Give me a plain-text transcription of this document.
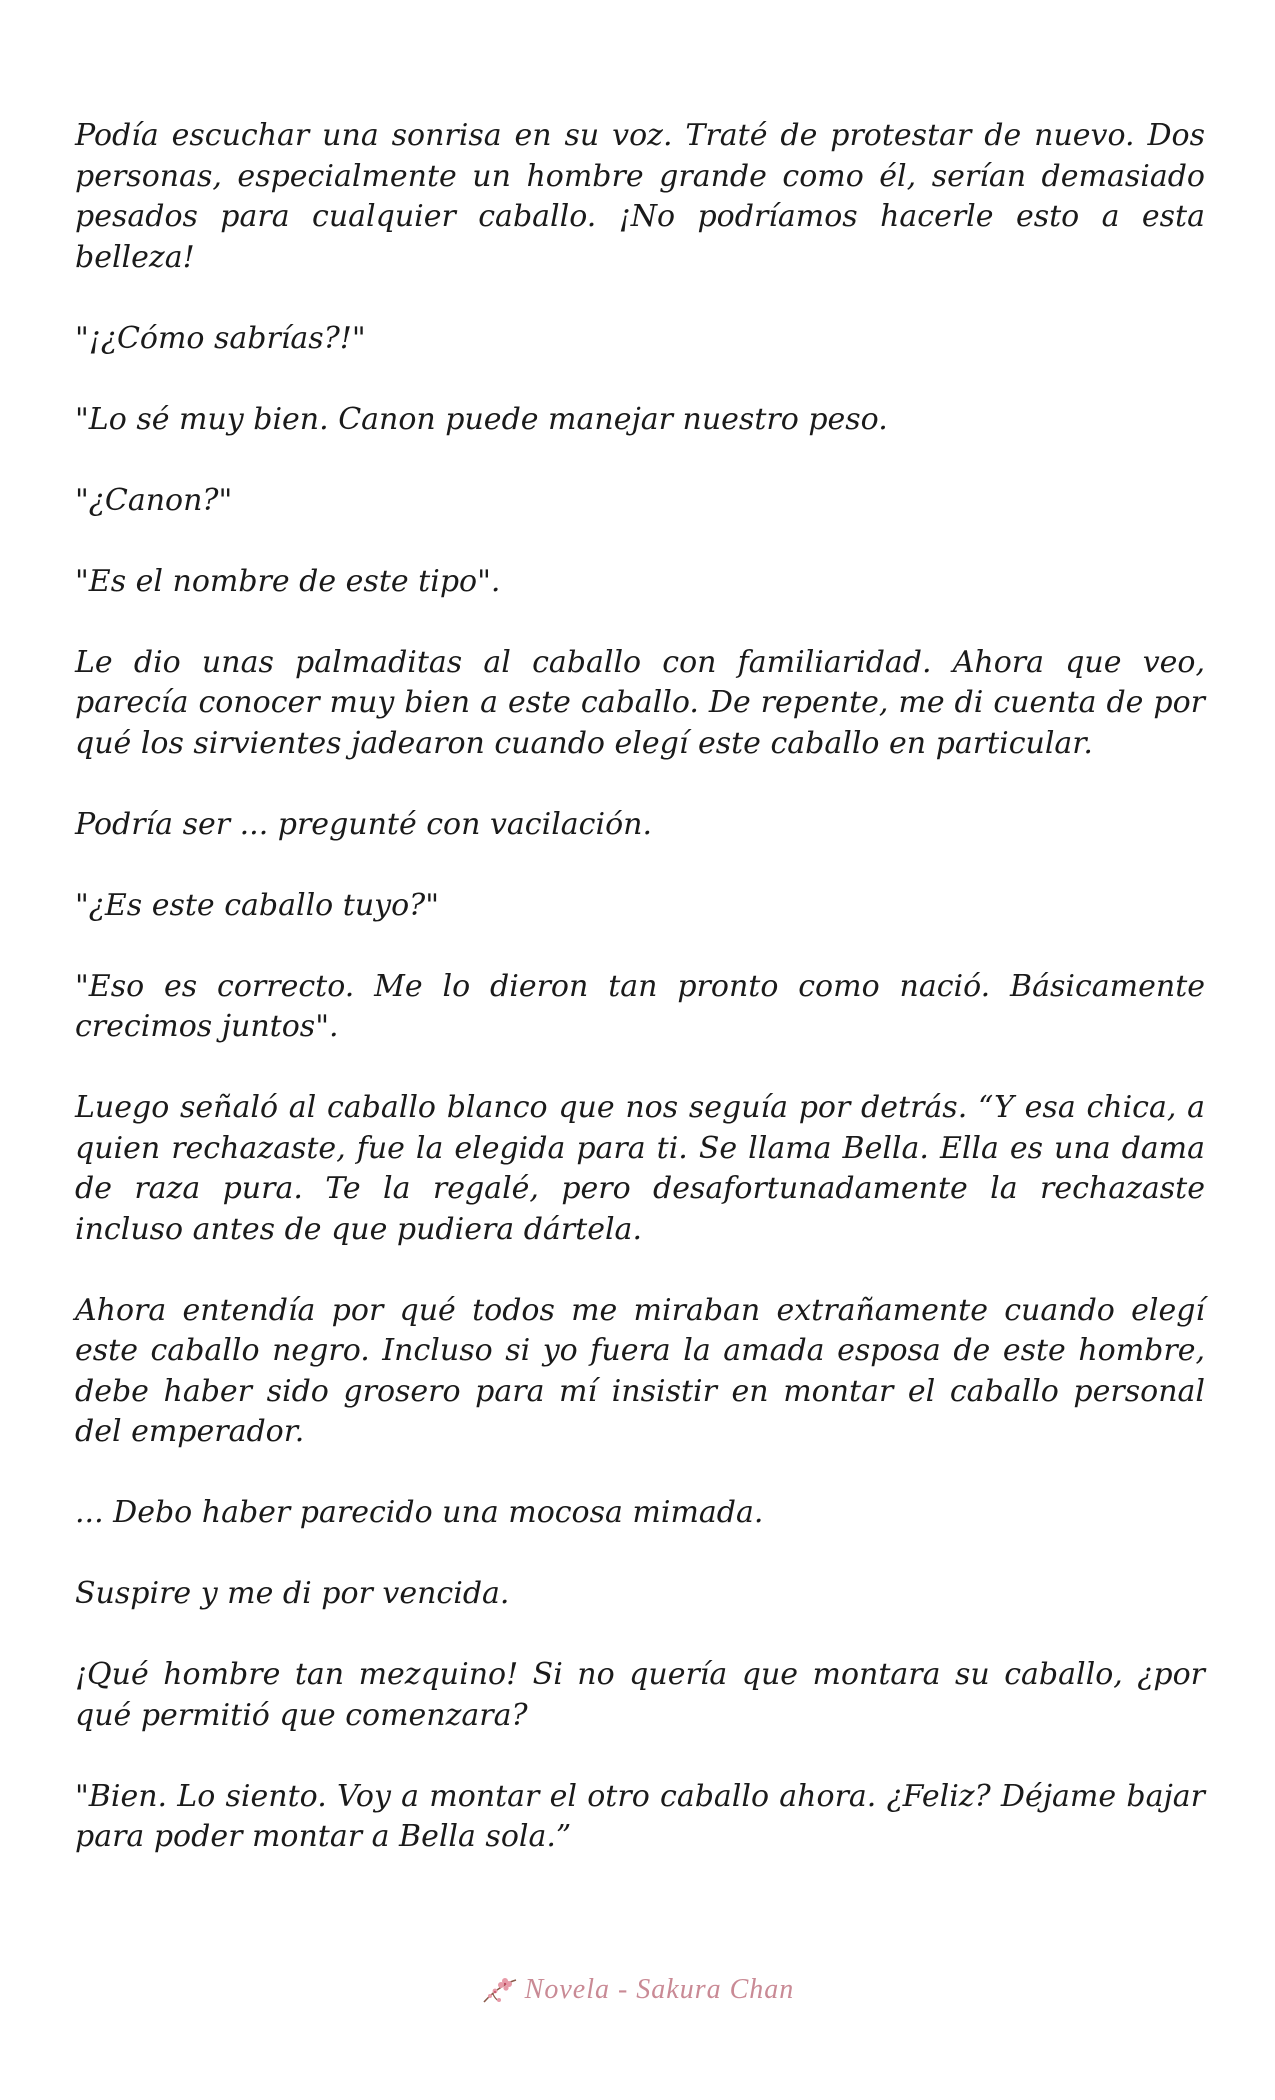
Podía escuchar una sonrisa en su voz. Traté de protestar de nuevo. Dos personas, especialmente un hombre grande como él, serían demasiado pesados para cualquier caballo. ¡No podríamos hacerle esto a esta belleza!

"¡¿Cómo sabrías?!"

"Lo sé muy bien. Canon puede manejar nuestro peso.

"¿Canon?"

"Es el nombre de este tipo".

Le dio unas palmaditas al caballo con familiaridad. Ahora que veo, parecía conocer muy bien a este caballo. De repente, me di cuenta de por qué los sirvientes jadearon cuando elegí este caballo en particular.

Podría ser ... pregunté con vacilación.

"¿Es este caballo tuyo?"

"Eso es correcto. Me lo dieron tan pronto como nació. Básicamente crecimos juntos".

Luego señaló al caballo blanco que nos seguía por detrás. “Y esa chica, a quien rechazaste, fue la elegida para ti. Se llama Bella. Ella es una dama de raza pura. Te la regalé, pero desafortunadamente la rechazaste incluso antes de que pudiera dártela.

Ahora entendía por qué todos me miraban extrañamente cuando elegí este caballo negro. Incluso si yo fuera la amada esposa de este hombre, debe haber sido grosero para mí insistir en montar el caballo personal del emperador.

... Debo haber parecido una mocosa mimada.

Suspire y me di por vencida.

¡Qué hombre tan mezquino! Si no quería que montara su caballo, ¿por qué permitió que comenzara?

"Bien. Lo siento. Voy a montar el otro caballo ahora. ¿Feliz? Déjame bajar para poder montar a Bella sola.”

Novela - Sakura Chan
